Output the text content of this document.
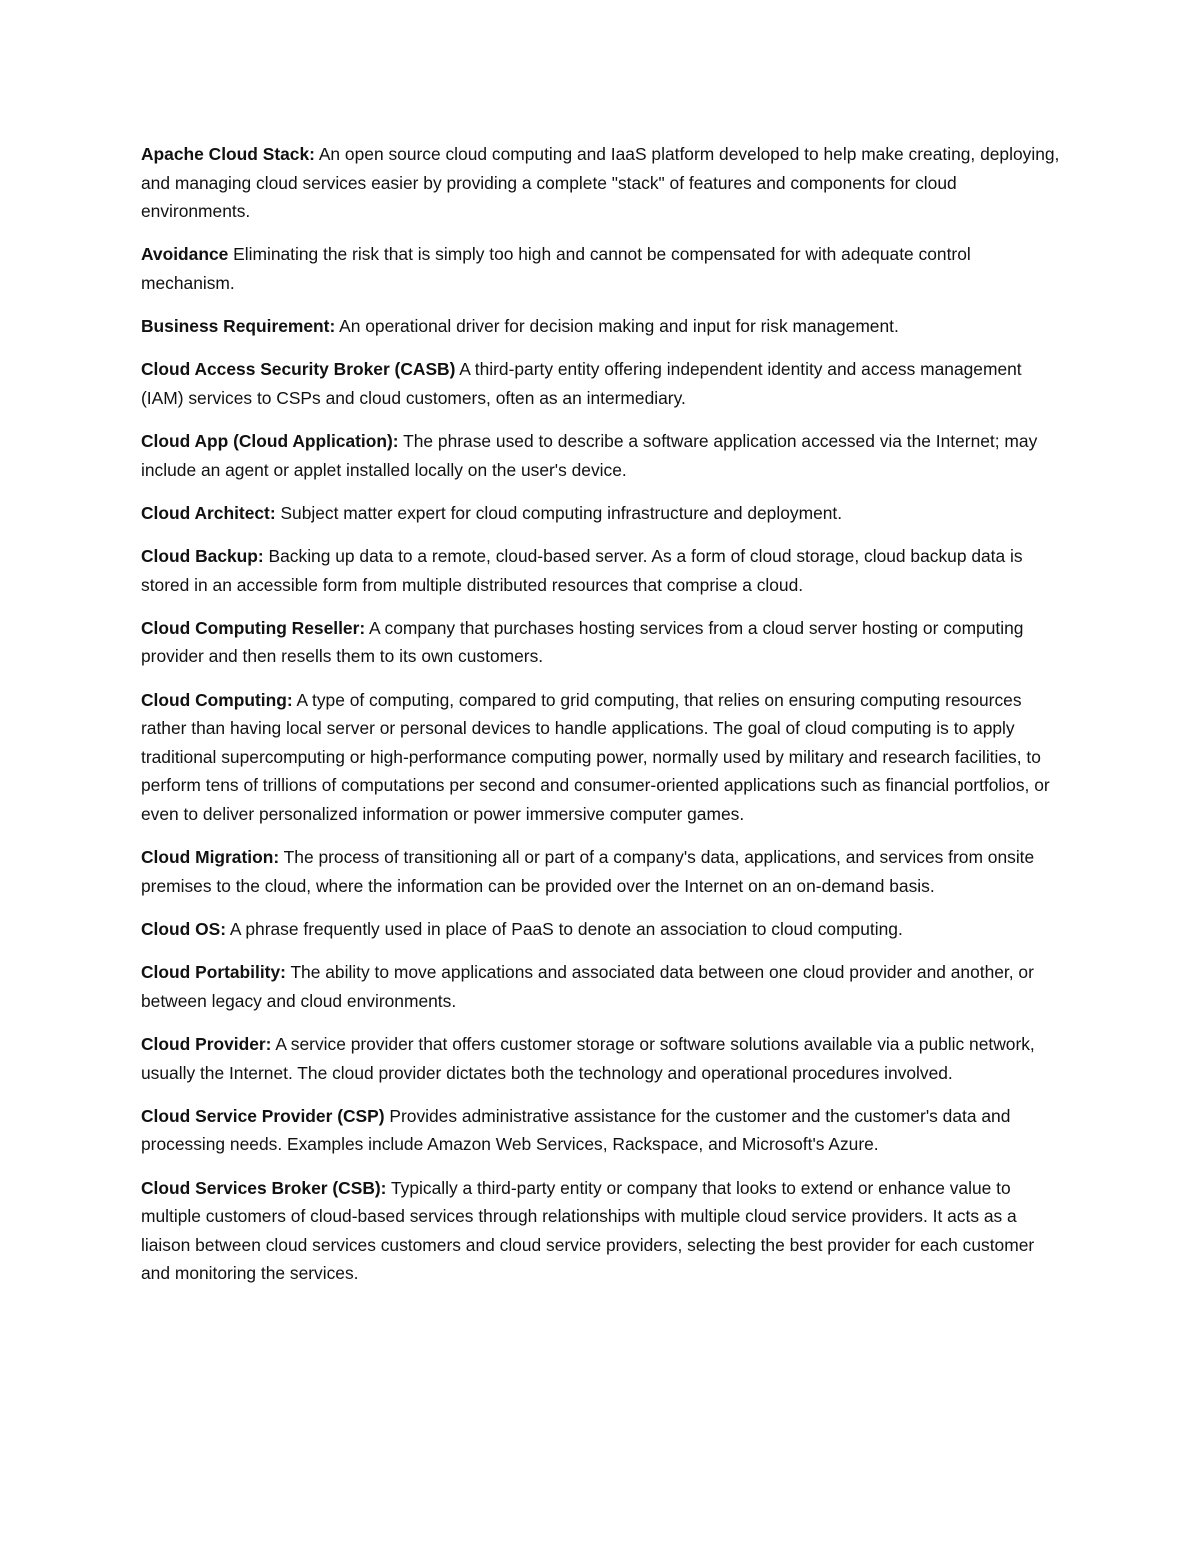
Apache Cloud Stack: An open source cloud computing and IaaS platform developed to help make creating, deploying, and managing cloud services easier by providing a complete "stack" of features and components for cloud environments.

Avoidance Eliminating the risk that is simply too high and cannot be compensated for with adequate control mechanism.

Business Requirement: An operational driver for decision making and input for risk management.

Cloud Access Security Broker (CASB) A third-party entity offering independent identity and access management (IAM) services to CSPs and cloud customers, often as an intermediary.

Cloud App (Cloud Application): The phrase used to describe a software application accessed via the Internet; may include an agent or applet installed locally on the user's device.

Cloud Architect: Subject matter expert for cloud computing infrastructure and deployment.

Cloud Backup: Backing up data to a remote, cloud-based server. As a form of cloud storage, cloud backup data is stored in an accessible form from multiple distributed resources that comprise a cloud.

Cloud Computing Reseller: A company that purchases hosting services from a cloud server hosting or computing provider and then resells them to its own customers.

Cloud Computing: A type of computing, compared to grid computing, that relies on ensuring computing resources rather than having local server or personal devices to handle applications. The goal of cloud computing is to apply traditional supercomputing or high-performance computing power, normally used by military and research facilities, to perform tens of trillions of computations per second and consumer-oriented applications such as financial portfolios, or even to deliver personalized information or power immersive computer games.

Cloud Migration: The process of transitioning all or part of a company's data, applications, and services from onsite premises to the cloud, where the information can be provided over the Internet on an on-demand basis.

Cloud OS: A phrase frequently used in place of PaaS to denote an association to cloud computing.

Cloud Portability: The ability to move applications and associated data between one cloud provider and another, or between legacy and cloud environments.

Cloud Provider: A service provider that offers customer storage or software solutions available via a public network, usually the Internet. The cloud provider dictates both the technology and operational procedures involved.

Cloud Service Provider (CSP) Provides administrative assistance for the customer and the customer's data and processing needs. Examples include Amazon Web Services, Rackspace, and Microsoft's Azure.

Cloud Services Broker (CSB): Typically a third-party entity or company that looks to extend or enhance value to multiple customers of cloud-based services through relationships with multiple cloud service providers. It acts as a liaison between cloud services customers and cloud service providers, selecting the best provider for each customer and monitoring the services.
